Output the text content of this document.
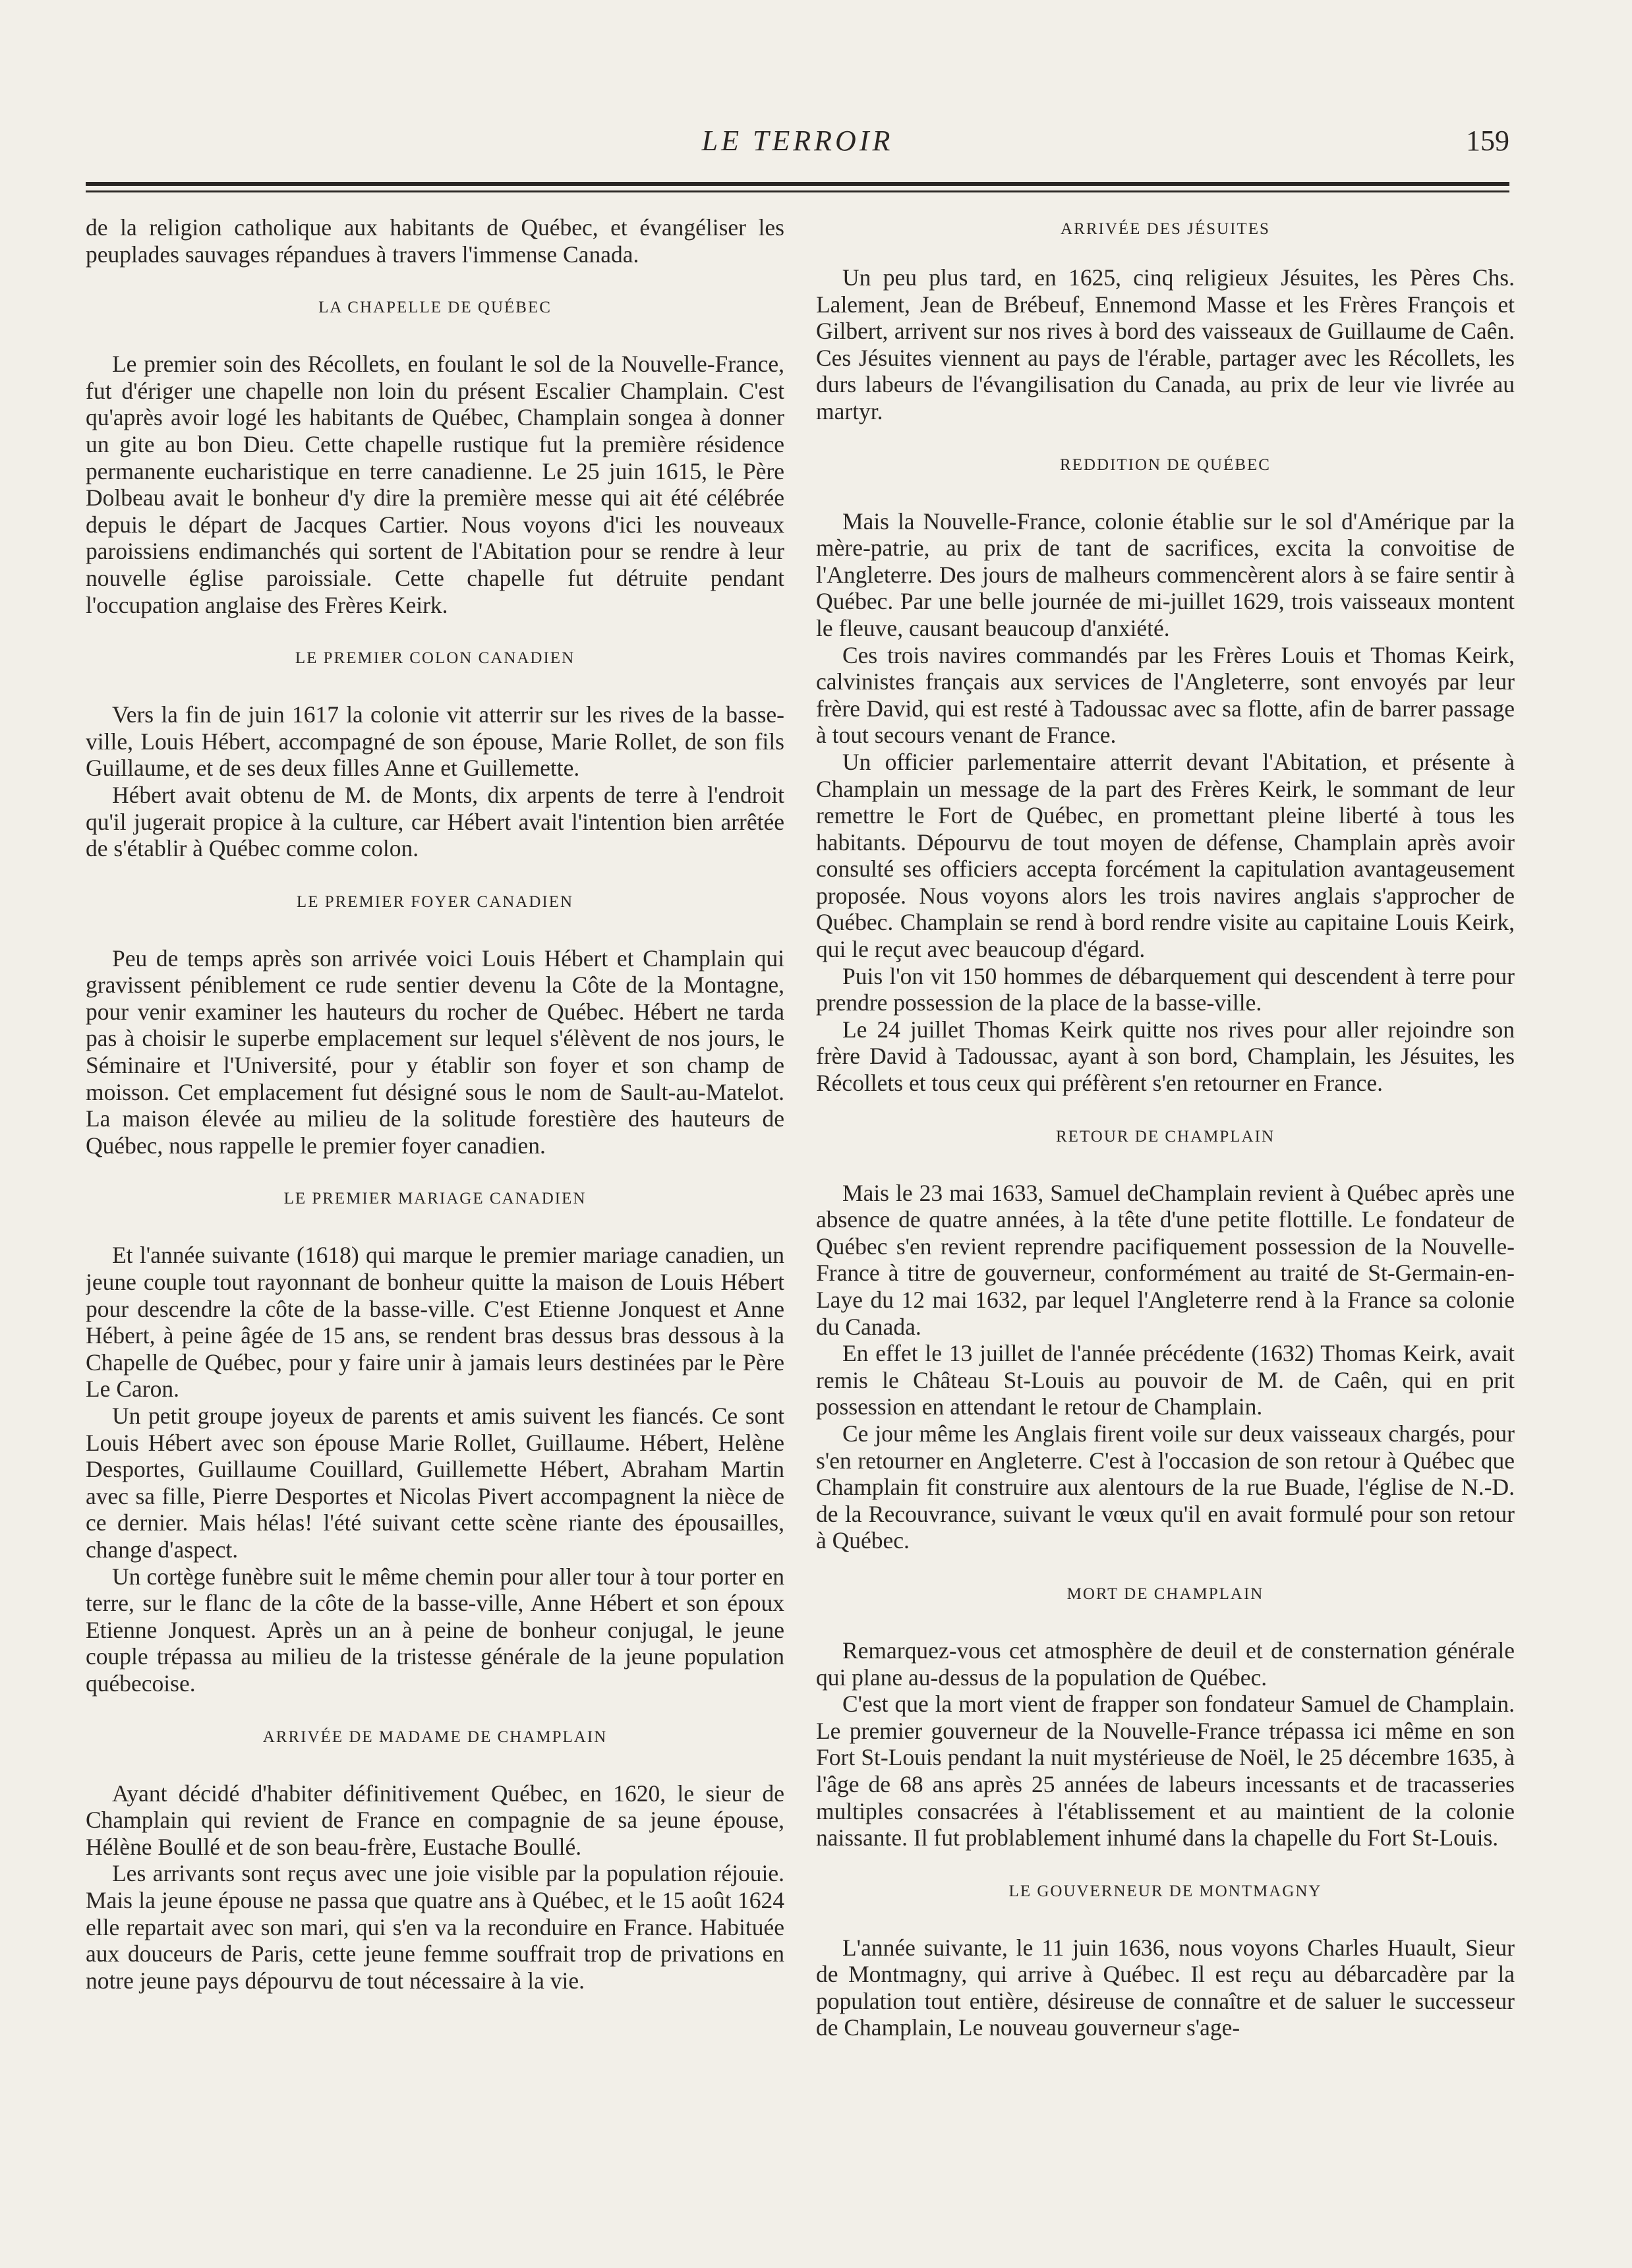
LE TERROIR	159

de la religion catholique aux habitants de Québec, et évangéliser les peuplades sauvages répandues à travers l'immense Canada.

LA CHAPELLE DE QUÉBEC

Le premier soin des Récollets, en foulant le sol de la Nouvelle-France, fut d'ériger une chapelle non loin du présent Escalier Champlain. C'est qu'après avoir logé les habitants de Québec, Champlain songea à donner un gite au bon Dieu. Cette chapelle rustique fut la première résidence permanente eucharistique en terre canadienne. Le 25 juin 1615, le Père Dolbeau avait le bonheur d'y dire la première messe qui ait été célébrée depuis le départ de Jacques Cartier. Nous voyons d'ici les nouveaux paroissiens endimanchés qui sortent de l'Abitation pour se rendre à leur nouvelle église paroissiale. Cette chapelle fut détruite pendant l'occupation anglaise des Frères Keirk.

LE PREMIER COLON CANADIEN

Vers la fin de juin 1617 la colonie vit atterrir sur les rives de la basse-ville, Louis Hébert, accompagné de son épouse, Marie Rollet, de son fils Guillaume, et de ses deux filles Anne et Guillemette.

Hébert avait obtenu de M. de Monts, dix arpents de terre à l'endroit qu'il jugerait propice à la culture, car Hébert avait l'intention bien arrêtée de s'établir à Québec comme colon.

LE PREMIER FOYER CANADIEN

Peu de temps après son arrivée voici Louis Hébert et Champlain qui gravissent péniblement ce rude sentier devenu la Côte de la Montagne, pour venir examiner les hauteurs du rocher de Québec. Hébert ne tarda pas à choisir le superbe emplacement sur lequel s'élèvent de nos jours, le Séminaire et l'Université, pour y établir son foyer et son champ de moisson. Cet emplacement fut désigné sous le nom de Sault-au-Matelot. La maison élevée au milieu de la solitude forestière des hauteurs de Québec, nous rappelle le premier foyer canadien.

LE PREMIER MARIAGE CANADIEN

Et l'année suivante (1618) qui marque le premier mariage canadien, un jeune couple tout rayonnant de bonheur quitte la maison de Louis Hébert pour descendre la côte de la basse-ville. C'est Etienne Jonquest et Anne Hébert, à peine âgée de 15 ans, se rendent bras dessus bras dessous à la Chapelle de Québec, pour y faire unir à jamais leurs destinées par le Père Le Caron.

Un petit groupe joyeux de parents et amis suivent les fiancés. Ce sont Louis Hébert avec son épouse Marie Rollet, Guillaume. Hébert, Helène Desportes, Guillaume Couillard, Guillemette Hébert, Abraham Martin avec sa fille, Pierre Desportes et Nicolas Pivert accompagnent la nièce de ce dernier. Mais hélas! l'été suivant cette scène riante des épousailles, change d'aspect.

Un cortège funèbre suit le même chemin pour aller tour à tour porter en terre, sur le flanc de la côte de la basse-ville, Anne Hébert et son époux Etienne Jonquest. Après un an à peine de bonheur conjugal, le jeune couple trépassa au milieu de la tristesse générale de la jeune population québecoise.

ARRIVÉE DE MADAME DE CHAMPLAIN

Ayant décidé d'habiter définitivement Québec, en 1620, le sieur de Champlain qui revient de France en compagnie de sa jeune épouse, Hélène Boullé et de son beau-frère, Eustache Boullé.

Les arrivants sont reçus avec une joie visible par la population réjouie. Mais la jeune épouse ne passa que quatre ans à Québec, et le 15 août 1624 elle repartait avec son mari, qui s'en va la reconduire en France. Habituée aux douceurs de Paris, cette jeune femme souffrait trop de privations en notre jeune pays dépourvu de tout nécessaire à la vie.

ARRIVÉE DES JÉSUITES

Un peu plus tard, en 1625, cinq religieux Jésuites, les Pères Chs. Lalement, Jean de Brébeuf, Ennemond Masse et les Frères François et Gilbert, arrivent sur nos rives à bord des vaisseaux de Guillaume de Caên. Ces Jésuites viennent au pays de l'érable, partager avec les Récollets, les durs labeurs de l'évangilisation du Canada, au prix de leur vie livrée au martyr.

REDDITION DE QUÉBEC

Mais la Nouvelle-France, colonie établie sur le sol d'Amérique par la mère-patrie, au prix de tant de sacrifices, excita la convoitise de l'Angleterre. Des jours de malheurs commencèrent alors à se faire sentir à Québec. Par une belle journée de mi-juillet 1629, trois vaisseaux montent le fleuve, causant beaucoup d'anxiété.

Ces trois navires commandés par les Frères Louis et Thomas Keirk, calvinistes français aux services de l'Angleterre, sont envoyés par leur frère David, qui est resté à Tadoussac avec sa flotte, afin de barrer passage à tout secours venant de France.

Un officier parlementaire atterrit devant l'Abitation, et présente à Champlain un message de la part des Frères Keirk, le sommant de leur remettre le Fort de Québec, en promettant pleine liberté à tous les habitants. Dépourvu de tout moyen de défense, Champlain après avoir consulté ses officiers accepta forcément la capitulation avantageusement proposée. Nous voyons alors les trois navires anglais s'approcher de Québec. Champlain se rend à bord rendre visite au capitaine Louis Keirk, qui le reçut avec beaucoup d'égard.

Puis l'on vit 150 hommes de débarquement qui descendent à terre pour prendre possession de la place de la basse-ville.

Le 24 juillet Thomas Keirk quitte nos rives pour aller rejoindre son frère David à Tadoussac, ayant à son bord, Champlain, les Jésuites, les Récollets et tous ceux qui préfèrent s'en retourner en France.

RETOUR DE CHAMPLAIN

Mais le 23 mai 1633, Samuel deChamplain revient à Québec après une absence de quatre années, à la tête d'une petite flottille. Le fondateur de Québec s'en revient reprendre pacifiquement possession de la Nouvelle-France à titre de gouverneur, conformément au traité de St-Germain-en-Laye du 12 mai 1632, par lequel l'Angleterre rend à la France sa colonie du Canada.

En effet le 13 juillet de l'année précédente (1632) Thomas Keirk, avait remis le Château St-Louis au pouvoir de M. de Caên, qui en prit possession en attendant le retour de Champlain.

Ce jour même les Anglais firent voile sur deux vaisseaux chargés, pour s'en retourner en Angleterre. C'est à l'occasion de son retour à Québec que Champlain fit construire aux alentours de la rue Buade, l'église de N.-D. de la Recouvrance, suivant le vœux qu'il en avait formulé pour son retour à Québec.

MORT DE CHAMPLAIN

Remarquez-vous cet atmosphère de deuil et de consternation générale qui plane au-dessus de la population de Québec.

C'est que la mort vient de frapper son fondateur Samuel de Champlain. Le premier gouverneur de la Nouvelle-France trépassa ici même en son Fort St-Louis pendant la nuit mystérieuse de Noël, le 25 décembre 1635, à l'âge de 68 ans après 25 années de labeurs incessants et de tracasseries multiples consacrées à l'établissement et au maintient de la colonie naissante. Il fut problablement inhumé dans la chapelle du Fort St-Louis.

LE GOUVERNEUR DE MONTMAGNY

L'année suivante, le 11 juin 1636, nous voyons Charles Huault, Sieur de Montmagny, qui arrive à Québec. Il est reçu au débarcadère par la population tout entière, désireuse de connaître et de saluer le successeur de Champlain, Le nouveau gouverneur s'age-
